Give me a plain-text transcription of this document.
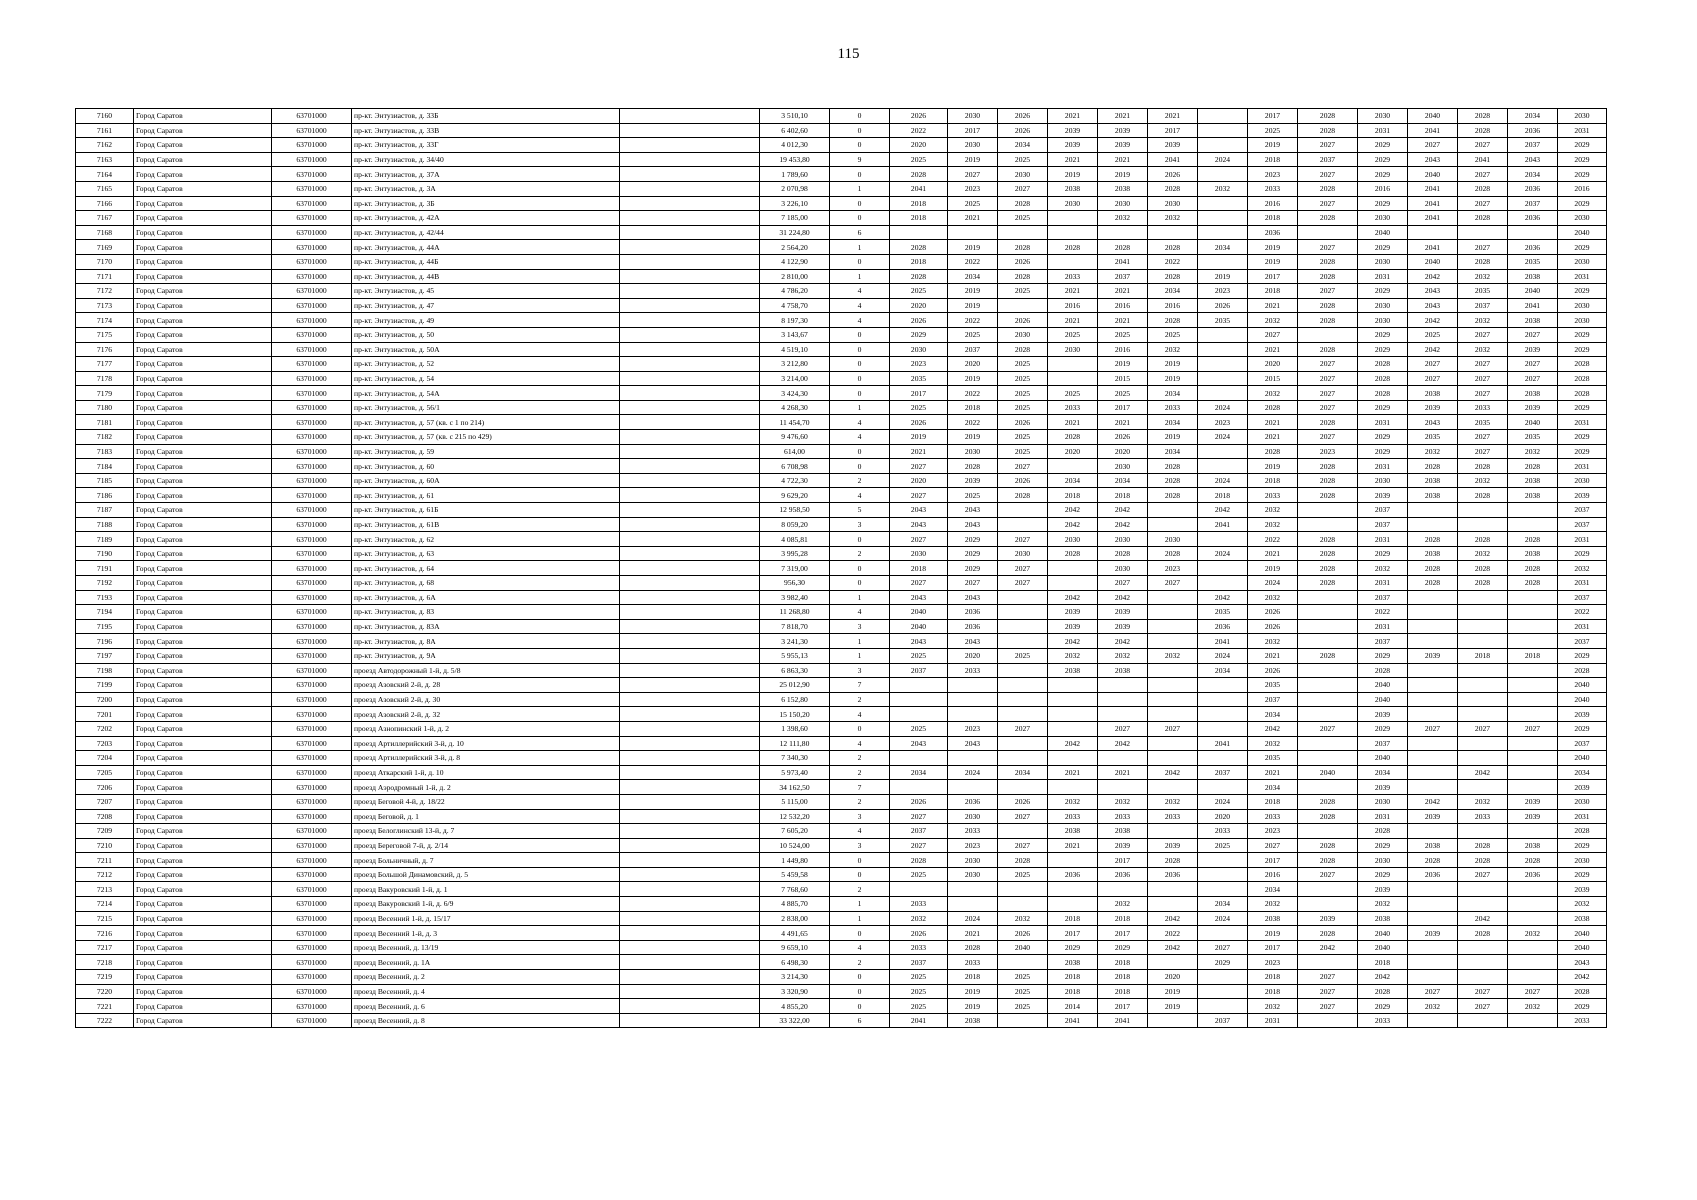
115
7160	Город Саратов	63701000	пр-кт. Энтузиастов, д. 33Б		3 510,10	0	2026	2030	2026	2021	2021	2021		2017	2028	2030	2040	2028	2034	2030
7161	Город Саратов	63701000	пр-кт. Энтузиастов, д. 33В		6 402,60	0	2022	2017	2026	2039	2039	2017		2025	2028	2031	2041	2028	2036	2031
7162	Город Саратов	63701000	пр-кт. Энтузиастов, д. 33Г		4 012,30	0	2020	2030	2034	2039	2039	2039		2019	2027	2029	2027	2027	2037	2029
7163	Город Саратов	63701000	пр-кт. Энтузиастов, д. 34/40		19 453,80	9	2025	2019	2025	2021	2021	2041	2024	2018	2037	2029	2043	2041	2043	2029
7164	Город Саратов	63701000	пр-кт. Энтузиастов, д. 37А		1 789,60	0	2028	2027	2030	2019	2019	2026		2023	2027	2029	2040	2027	2034	2029
7165	Город Саратов	63701000	пр-кт. Энтузиастов, д. 3А		2 070,98	1	2041	2023	2027	2038	2038	2028	2032	2033	2028	2016	2041	2028	2036	2016
7166	Город Саратов	63701000	пр-кт. Энтузиастов, д. 3Б		3 226,10	0	2018	2025	2028	2030	2030	2030		2016	2027	2029	2041	2027	2037	2029
7167	Город Саратов	63701000	пр-кт. Энтузиастов, д. 42А		7 185,00	0	2018	2021	2025		2032	2032		2018	2028	2030	2041	2028	2036	2030
7168	Город Саратов	63701000	пр-кт. Энтузиастов, д. 42/44		31 224,80	6								2036		2040				2040
7169	Город Саратов	63701000	пр-кт. Энтузиастов, д. 44А		2 564,20	1	2028	2019	2028	2028	2028	2028	2034	2019	2027	2029	2041	2027	2036	2029
7170	Город Саратов	63701000	пр-кт. Энтузиастов, д. 44Б		4 122,90	0	2018	2022	2026		2041	2022		2019	2028	2030	2040	2028	2035	2030
7171	Город Саратов	63701000	пр-кт. Энтузиастов, д. 44В		2 810,00	1	2028	2034	2028	2033	2037	2028	2019	2017	2028	2031	2042	2032	2038	2031
7172	Город Саратов	63701000	пр-кт. Энтузиастов, д. 45		4 786,20	4	2025	2019	2025	2021	2021	2034	2023	2018	2027	2029	2043	2035	2040	2029
7173	Город Саратов	63701000	пр-кт. Энтузиастов, д. 47		4 758,70	4	2020	2019		2016	2016	2016	2026	2021	2028	2030	2043	2037	2041	2030
7174	Город Саратов	63701000	пр-кт. Энтузиастов, д. 49		8 197,30	4	2026	2022	2026	2021	2021	2028	2035	2032	2028	2030	2042	2032	2038	2030
7175	Город Саратов	63701000	пр-кт. Энтузиастов, д. 50		3 143,67	0	2029	2025	2030	2025	2025	2025		2027		2029	2025	2027	2027	2029
7176	Город Саратов	63701000	пр-кт. Энтузиастов, д. 50А		4 519,10	0	2030	2037	2028	2030	2016	2032		2021	2028	2029	2042	2032	2039	2029
7177	Город Саратов	63701000	пр-кт. Энтузиастов, д. 52		3 212,80	0	2023	2020	2025		2019	2019		2020	2027	2028	2027	2027	2027	2028
7178	Город Саратов	63701000	пр-кт. Энтузиастов, д. 54		3 214,00	0	2035	2019	2025		2015	2019		2015	2027	2028	2027	2027	2027	2028
7179	Город Саратов	63701000	пр-кт. Энтузиастов, д. 54А		3 424,30	0	2017	2022	2025	2025	2025	2034		2032	2027	2028	2038	2027	2038	2028
7180	Город Саратов	63701000	пр-кт. Энтузиастов, д. 56/1		4 268,30	1	2025	2018	2025	2033	2017	2033	2024	2028	2027	2029	2039	2033	2039	2029
7181	Город Саратов	63701000	пр-кт. Энтузиастов, д. 57 (кв. с 1 по 214)		11 454,70	4	2026	2022	2026	2021	2021	2034	2023	2021	2028	2031	2043	2035	2040	2031
7182	Город Саратов	63701000	пр-кт. Энтузиастов, д. 57 (кв. с 215 по 429)		9 476,60	4	2019	2019	2025	2028	2026	2019	2024	2021	2027	2029	2035	2027	2035	2029
7183	Город Саратов	63701000	пр-кт. Энтузиастов, д. 59		614,00	0	2021	2030	2025	2020	2020	2034		2028	2023	2029	2032	2027	2032	2029
7184	Город Саратов	63701000	пр-кт. Энтузиастов, д. 60		6 708,98	0	2027	2028	2027		2030	2028		2019	2028	2031	2028	2028	2028	2031
7185	Город Саратов	63701000	пр-кт. Энтузиастов, д. 60А		4 722,30	2	2020	2039	2026	2034	2034	2028	2024	2018	2028	2030	2038	2032	2038	2030
7186	Город Саратов	63701000	пр-кт. Энтузиастов, д. 61		9 629,20	4	2027	2025	2028	2018	2018	2028	2018	2033	2028	2039	2038	2028	2038	2039
7187	Город Саратов	63701000	пр-кт. Энтузиастов, д. 61Б		12 958,50	5	2043	2043		2042	2042		2042	2032		2037				2037
7188	Город Саратов	63701000	пр-кт. Энтузиастов, д. 61В		8 059,20	3	2043	2043		2042	2042		2041	2032		2037				2037
7189	Город Саратов	63701000	пр-кт. Энтузиастов, д. 62		4 085,81	0	2027	2029	2027	2030	2030	2030		2022	2028	2031	2028	2028	2028	2031
7190	Город Саратов	63701000	пр-кт. Энтузиастов, д. 63		3 995,28	2	2030	2029	2030	2028	2028	2028	2024	2021	2028	2029	2038	2032	2038	2029
7191	Город Саратов	63701000	пр-кт. Энтузиастов, д. 64		7 319,00	0	2018	2029	2027		2030	2023		2019	2028	2032	2028	2028	2028	2032
7192	Город Саратов	63701000	пр-кт. Энтузиастов, д. 68		956,30	0	2027	2027	2027		2027	2027		2024	2028	2031	2028	2028	2028	2031
7193	Город Саратов	63701000	пр-кт. Энтузиастов, д. 6А		3 982,40	1	2043	2043		2042	2042		2042	2032		2037				2037
7194	Город Саратов	63701000	пр-кт. Энтузиастов, д. 83		11 268,80	4	2040	2036		2039	2039		2035	2026		2022				2022
7195	Город Саратов	63701000	пр-кт. Энтузиастов, д. 83А		7 818,70	3	2040	2036		2039	2039		2036	2026		2031				2031
7196	Город Саратов	63701000	пр-кт. Энтузиастов, д. 8А		3 241,30	1	2043	2043		2042	2042		2041	2032		2037				2037
7197	Город Саратов	63701000	пр-кт. Энтузиастов, д. 9А		5 955,13	1	2025	2020	2025	2032	2032	2032	2024	2021	2028	2029	2039	2018	2018	2029
7198	Город Саратов	63701000	проезд Автодорожный 1-й, д. 5/8		6 863,30	3	2037	2033		2038	2038		2034	2026		2028				2028
7199	Город Саратов	63701000	проезд Азовский 2-й, д. 28		25 012,90	7								2035		2040				2040
7200	Город Саратов	63701000	проезд Азовский 2-й, д. 30		6 152,80	2								2037		2040				2040
7201	Город Саратов	63701000	проезд Азовский 2-й, д. 32		15 150,20	4								2034		2039				2039
7202	Город Саратов	63701000	проезд Азнопинский 1-й, д. 2		1 398,60	0	2025	2023	2027		2027	2027		2042	2027	2029	2027	2027	2027	2029
7203	Город Саратов	63701000	проезд Артиллерийский 3-й, д. 10		12 111,80	4	2043	2043		2042	2042		2041	2032		2037				2037
7204	Город Саратов	63701000	проезд Артиллерийский 3-й, д. 8		7 340,30	2								2035		2040				2040
7205	Город Саратов	63701000	проезд Аткарский 1-й, д. 10		5 973,40	2	2034	2024	2034	2021	2021	2042	2037	2021	2040	2034		2042		2034
7206	Город Саратов	63701000	проезд Аэродромный 1-й, д. 2		34 162,50	7								2034		2039				2039
7207	Город Саратов	63701000	проезд Беговой 4-й, д. 18/22		5 115,00	2	2026	2036	2026	2032	2032	2032	2024	2018	2028	2030	2042	2032	2039	2030
7208	Город Саратов	63701000	проезд Беговой, д. 1		12 532,20	3	2027	2030	2027	2033	2033	2033	2020	2033	2028	2031	2039	2033	2039	2031
7209	Город Саратов	63701000	проезд Белоглинский 13-й, д. 7		7 605,20	4	2037	2033		2038	2038		2033	2023		2028				2028
7210	Город Саратов	63701000	проезд Береговой 7-й, д. 2/14		10 524,00	3	2027	2023	2027	2021	2039	2039	2025	2027	2028	2029	2038	2028	2038	2029
7211	Город Саратов	63701000	проезд Больничный, д. 7		1 449,80	0	2028	2030	2028		2017	2028		2017	2028	2030	2028	2028	2028	2030
7212	Город Саратов	63701000	проезд Большой Динамовский, д. 5		5 459,58	0	2025	2030	2025	2036	2036	2036		2016	2027	2029	2036	2027	2036	2029
7213	Город Саратов	63701000	проезд Вакуровский 1-й, д. 1		7 768,60	2								2034		2039				2039
7214	Город Саратов	63701000	проезд Вакуровский 1-й, д. 6/9		4 885,70	1	2033				2032		2034	2032		2032				2032
7215	Город Саратов	63701000	проезд Весенний 1-й, д. 15/17		2 838,00	1	2032	2024	2032	2018	2018	2042	2024	2038	2039	2038		2042		2038
7216	Город Саратов	63701000	проезд Весенний 1-й, д. 3		4 491,65	0	2026	2021	2026	2017	2017	2022		2019	2028	2040	2039	2028	2032	2040
7217	Город Саратов	63701000	проезд Весенний, д. 13/19		9 659,10	4	2033	2028	2040	2029	2029	2042	2027	2017	2042	2040				2040
7218	Город Саратов	63701000	проезд Весенний, д. 1А		6 498,30	2	2037	2033		2038	2018		2029	2023		2018				2043
7219	Город Саратов	63701000	проезд Весенний, д. 2		3 214,30	0	2025	2018	2025	2018	2018	2020		2018	2027	2042				2042
7220	Город Саратов	63701000	проезд Весенний, д. 4		3 320,90	0	2025	2019	2025	2018	2018	2019		2018	2027	2028	2027	2027	2027	2028
7221	Город Саратов	63701000	проезд Весенний, д. 6		4 855,20	0	2025	2019	2025	2014	2017	2019		2032	2027	2029	2032	2027	2032	2029
7222	Город Саратов	63701000	проезд Весенний, д. 8		33 322,00	6	2041	2038		2041	2041		2037	2031		2033				2033
